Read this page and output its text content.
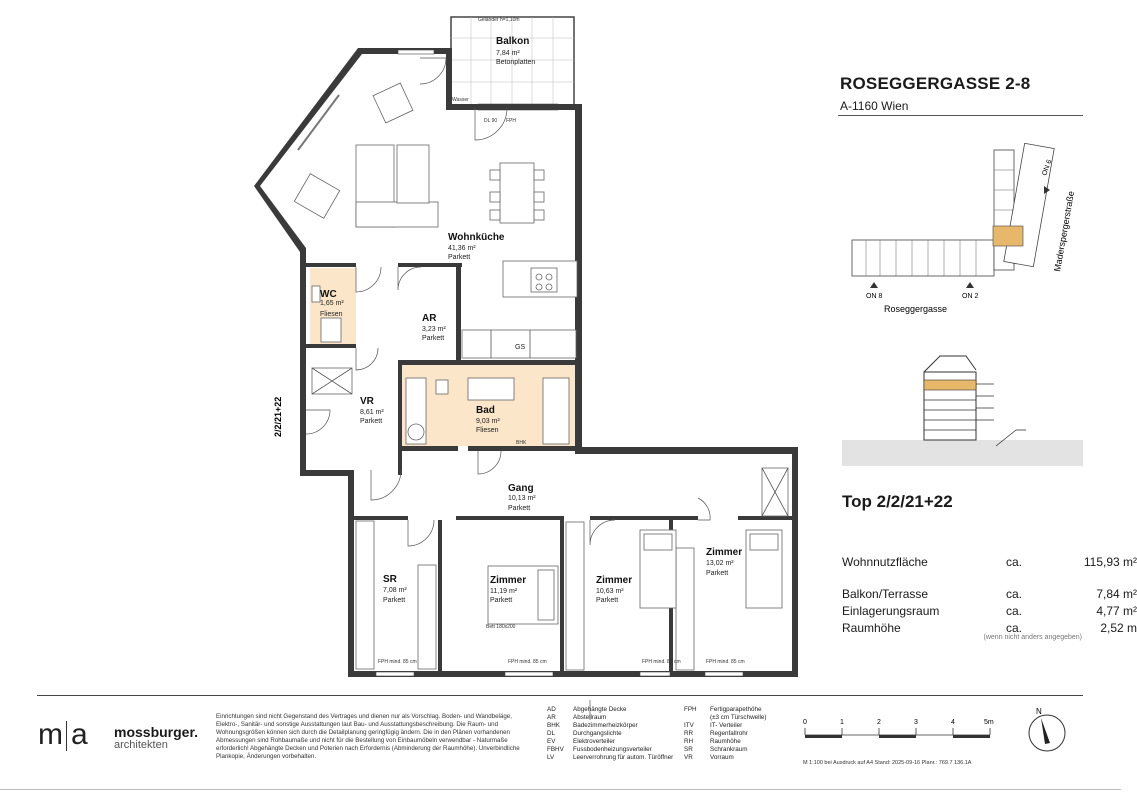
Geländer h=1,10m
Balkon
7,84 m²
Betonplatten
Wohnküche
41,36 m²
Parkett
WC
1,65 m²
Fliesen	AR
3,23 m²
Parkett
VR
8,61 m²
Parkett
Bad
9,03 m²
Fliesen
BHK
Gang
10,13 m²
Parkett
SR
7,08 m²
Parkett
Zimmer
11,19 m²
Parkett
Bett 180x200
Zimmer
10,63 m²
Parkett
Zimmer
13,02 m²
Parkett
GS
FPH mind. 85 cm	FPH mind. 85 cm	FPH mind. 85 cm	FPH mind. 85 cm
DL 90 FPH
Wasser
2/2/21+22
ON 8	ON 2
ON 6
Roseggergasse
Maderspergerstraße
0	1	2	3	4	5m
N
ROSEGGERGASSE 2-8
A-1160 Wien
Top 2/2/21+22
Wohnnutzfläche	ca.	115,93 m²
Balkon/Terrasse	ca.	7,84 m²
Einlagerungsraum	ca.	4,77 m²
Raumhöhe	ca.	2,52 m
(wenn nicht anders angegeben)
m a mossburger.
architekten
Einrichtungen sind nicht Gegenstand des Vertrages und dienen nur als Vorschlag. Boden- und Wandbeläge, Elektro-, Sanitär- und sonstige Ausstattungen laut Bau- und Ausstattungsbeschreibung. Die Raum- und Wohnungsgrößen können sich durch die Detailplanung geringfügig ändern. Die in den Plänen vorhandenen Abmessungen sind Rohbaumaße und nicht für die Bestellung von Einbaumöbeln verwendbar - Naturmaße erforderlich! Abgehängte Decken und Poterien nach Erfordernis (Abminderung der Raumhöhe). Unverbindliche Plankopie, Änderungen vorbehalten.
AD	Abgehängte Decke
AR	Abstellraum
BHK Badezimmerheizkörper
DL	Durchgangslichte
EV	Elektroverteiler
FBHV Fussbodenheizungsverteiler
LV	Leerverrohrung für autom. Türöffner
FPH Fertigparapethöhe
(±3 cm Türschwelle)
ITV	IT- Verteiler
RR	Regenfallrohr
RH	Raumhöhe
SR	Schrankraum
VR	Vorraum
M 1:100 bei Ausdruck auf A4 Stand: 2025-09-16 Planr.: 769.7 136.1A
